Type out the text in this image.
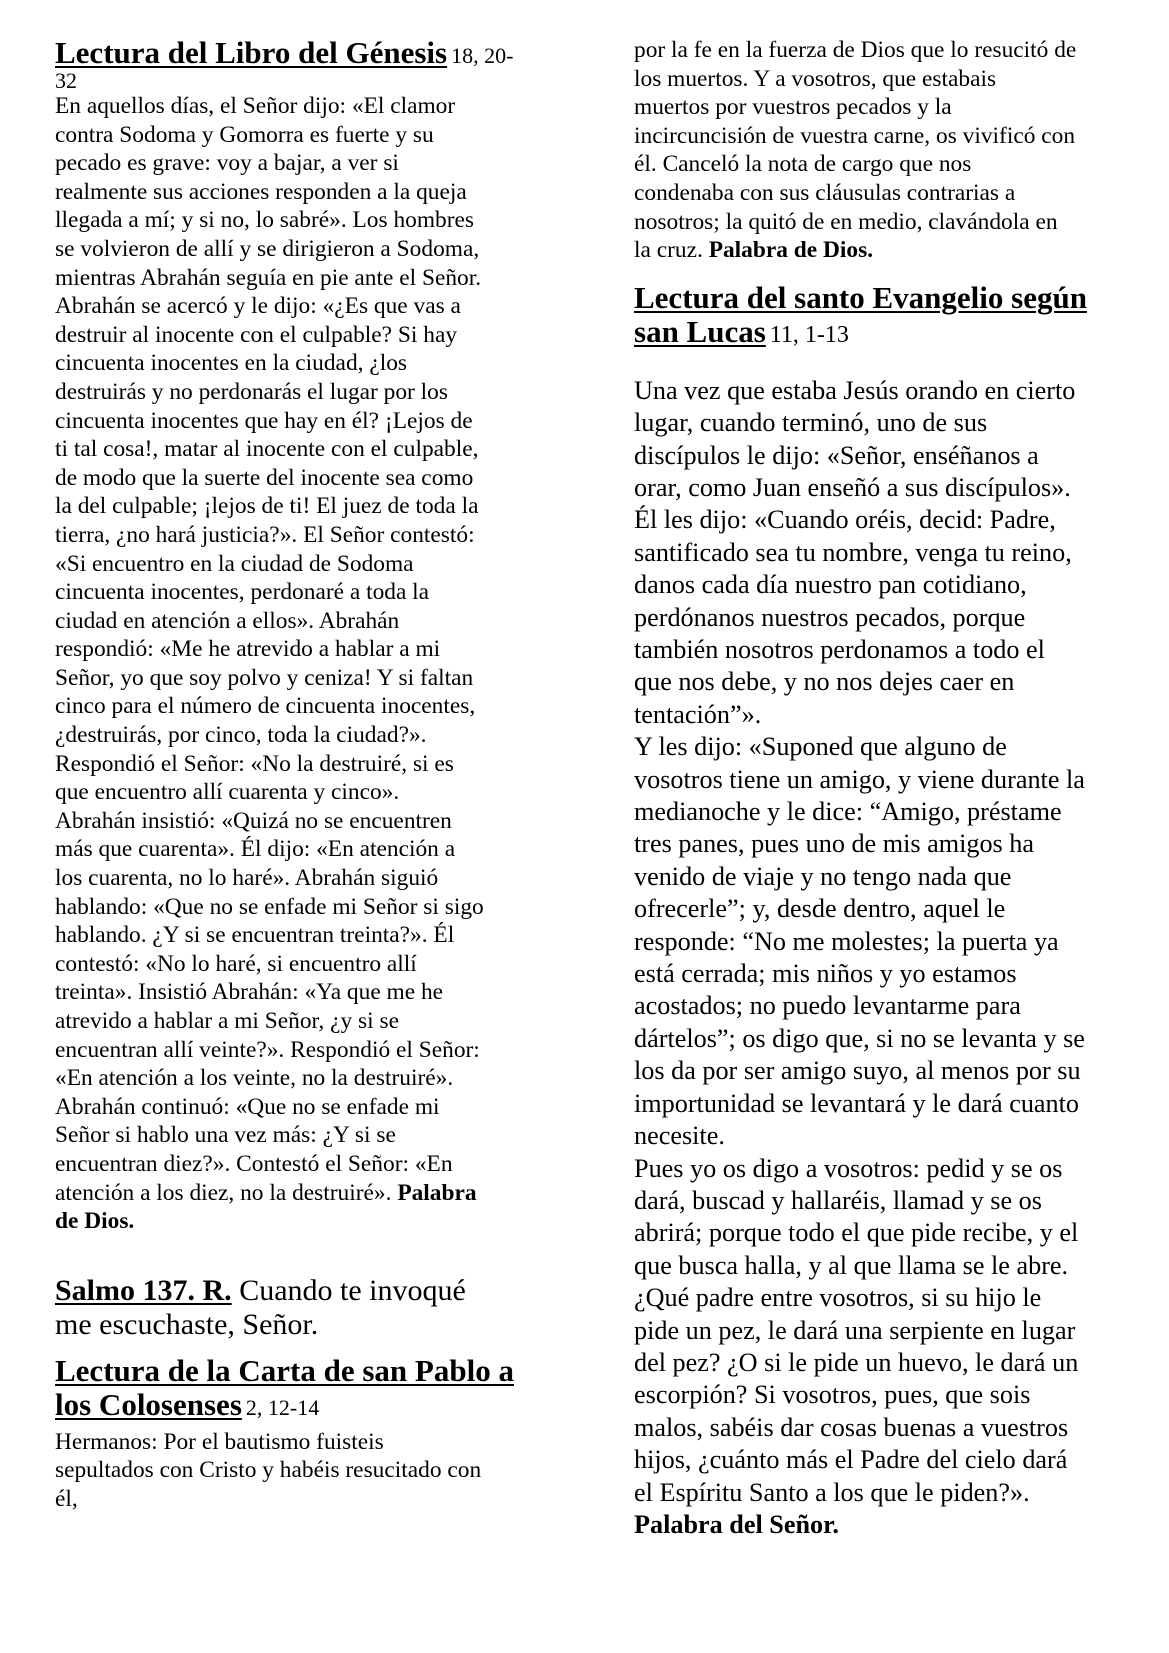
Lectura del Libro del Génesis 18, 20-
32
En aquellos días, el Señor dijo: «El clamor
contra Sodoma y Gomorra es fuerte y su
pecado es grave: voy a bajar, a ver si
realmente sus acciones responden a la queja
llegada a mí; y si no, lo sabré». Los hombres
se volvieron de allí y se dirigieron a Sodoma,
mientras Abrahán seguía en pie ante el Señor.
Abrahán se acercó y le dijo: «¿Es que vas a
destruir al inocente con el culpable? Si hay
cincuenta inocentes en la ciudad, ¿los
destruirás y no perdonarás el lugar por los
cincuenta inocentes que hay en él? ¡Lejos de
ti tal cosa!, matar al inocente con el culpable,
de modo que la suerte del inocente sea como
la del culpable; ¡lejos de ti! El juez de toda la
tierra, ¿no hará justicia?». El Señor contestó:
«Si encuentro en la ciudad de Sodoma
cincuenta inocentes, perdonaré a toda la
ciudad en atención a ellos». Abrahán
respondió: «Me he atrevido a hablar a mi
Señor, yo que soy polvo y ceniza! Y si faltan
cinco para el número de cincuenta inocentes,
¿destruirás, por cinco, toda la ciudad?».
Respondió el Señor: «No la destruiré, si es
que encuentro allí cuarenta y cinco».
Abrahán insistió: «Quizá no se encuentren
más que cuarenta». Él dijo: «En atención a
los cuarenta, no lo haré». Abrahán siguió
hablando: «Que no se enfade mi Señor si sigo
hablando. ¿Y si se encuentran treinta?». Él
contestó: «No lo haré, si encuentro allí
treinta». Insistió Abrahán: «Ya que me he
atrevido a hablar a mi Señor, ¿y si se
encuentran allí veinte?». Respondió el Señor:
«En atención a los veinte, no la destruiré».
Abrahán continuó: «Que no se enfade mi
Señor si hablo una vez más: ¿Y si se
encuentran diez?». Contestó el Señor: «En
atención a los diez, no la destruiré». Palabra
de Dios.
Salmo 137. R. Cuando te invoqué
me escuchaste, Señor.
Lectura de la Carta de san Pablo a
los Colosenses 2, 12-14
Hermanos: Por el bautismo fuisteis
sepultados con Cristo y habéis resucitado con
él,
por la fe en la fuerza de Dios que lo resucitó de
los muertos. Y a vosotros, que estabais
muertos por vuestros pecados y la
incircuncisión de vuestra carne, os vivificó con
él. Canceló la nota de cargo que nos
condenaba con sus cláusulas contrarias a
nosotros; la quitó de en medio, clavándola en
la cruz. Palabra de Dios.
Lectura del santo Evangelio según
san Lucas 11, 1-13
Una vez que estaba Jesús orando en cierto
lugar, cuando terminó, uno de sus
discípulos le dijo: «Señor, enséñanos a
orar, como Juan enseñó a sus discípulos».
Él les dijo: «Cuando oréis, decid: Padre,
santificado sea tu nombre, venga tu reino,
danos cada día nuestro pan cotidiano,
perdónanos nuestros pecados, porque
también nosotros perdonamos a todo el
que nos debe, y no nos dejes caer en
tentación”».
Y les dijo: «Suponed que alguno de
vosotros tiene un amigo, y viene durante la
medianoche y le dice: “Amigo, préstame
tres panes, pues uno de mis amigos ha
venido de viaje y no tengo nada que
ofrecerle”; y, desde dentro, aquel le
responde: “No me molestes; la puerta ya
está cerrada; mis niños y yo estamos
acostados; no puedo levantarme para
dártelos”; os digo que, si no se levanta y se
los da por ser amigo suyo, al menos por su
importunidad se levantará y le dará cuanto
necesite.
Pues yo os digo a vosotros: pedid y se os
dará, buscad y hallaréis, llamad y se os
abrirá; porque todo el que pide recibe, y el
que busca halla, y al que llama se le abre.
¿Qué padre entre vosotros, si su hijo le
pide un pez, le dará una serpiente en lugar
del pez? ¿O si le pide un huevo, le dará un
escorpión? Si vosotros, pues, que sois
malos, sabéis dar cosas buenas a vuestros
hijos, ¿cuánto más el Padre del cielo dará
el Espíritu Santo a los que le piden?».
Palabra del Señor.
